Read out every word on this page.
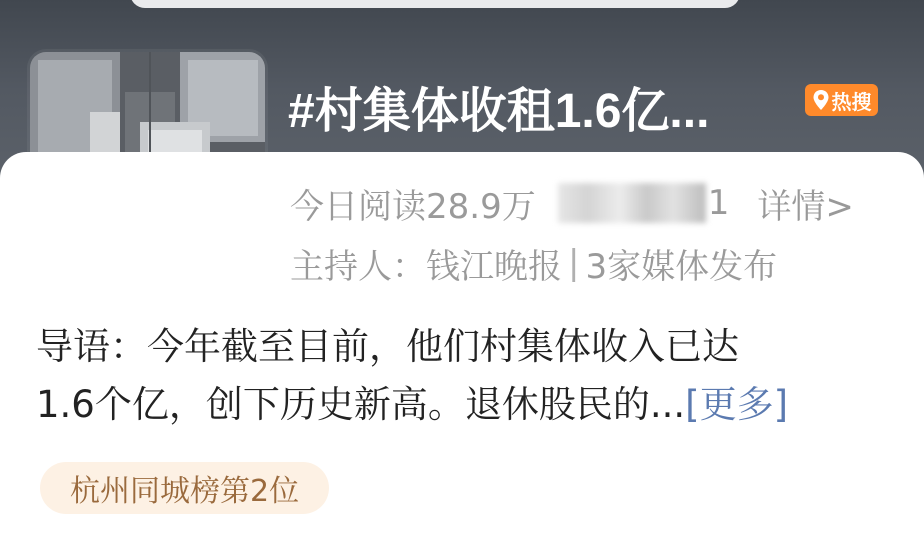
#村集体收租1.6亿...	热搜
今日阅读28.9万	1 详情>
主持人：钱江晚报 | 3家媒体发布
导语：今年截至目前，他们村集体收入已达
1.6个亿，创下历史新高。退休股民的...[更多]
杭州同城榜第2位
